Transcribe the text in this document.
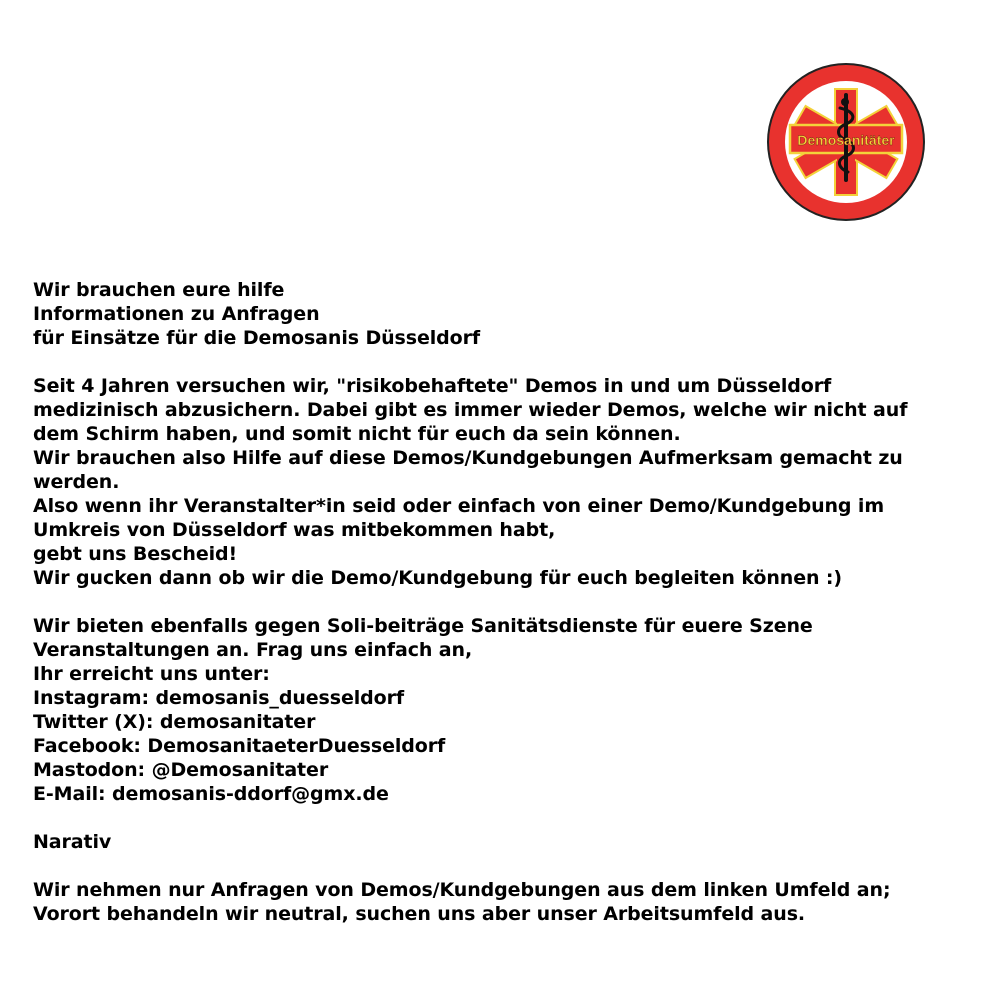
Demosanitäter
Wir brauchen eure hilfe
Informationen zu Anfragen
für Einsätze für die Demosanis Düsseldorf
Seit 4 Jahren versuchen wir, "risikobehaftete" Demos in und um Düsseldorf
medizinisch abzusichern. Dabei gibt es immer wieder Demos, welche wir nicht auf
dem Schirm haben, und somit nicht für euch da sein können.
Wir brauchen also Hilfe auf diese Demos/Kundgebungen Aufmerksam gemacht zu
werden.
Also wenn ihr Veranstalter*in seid oder einfach von einer Demo/Kundgebung im
Umkreis von Düsseldorf was mitbekommen habt,
gebt uns Bescheid!
Wir gucken dann ob wir die Demo/Kundgebung für euch begleiten können :)
Wir bieten ebenfalls gegen Soli-beiträge Sanitätsdienste für euere Szene
Veranstaltungen an. Frag uns einfach an,
Ihr erreicht uns unter:
Instagram: demosanis_duesseldorf
Twitter (X): demosanitater
Facebook: DemosanitaeterDuesseldorf
Mastodon: @Demosanitater
E-Mail: demosanis-ddorf@gmx.de
Narativ
Wir nehmen nur Anfragen von Demos/Kundgebungen aus dem linken Umfeld an;
Vorort behandeln wir neutral, suchen uns aber unser Arbeitsumfeld aus.
